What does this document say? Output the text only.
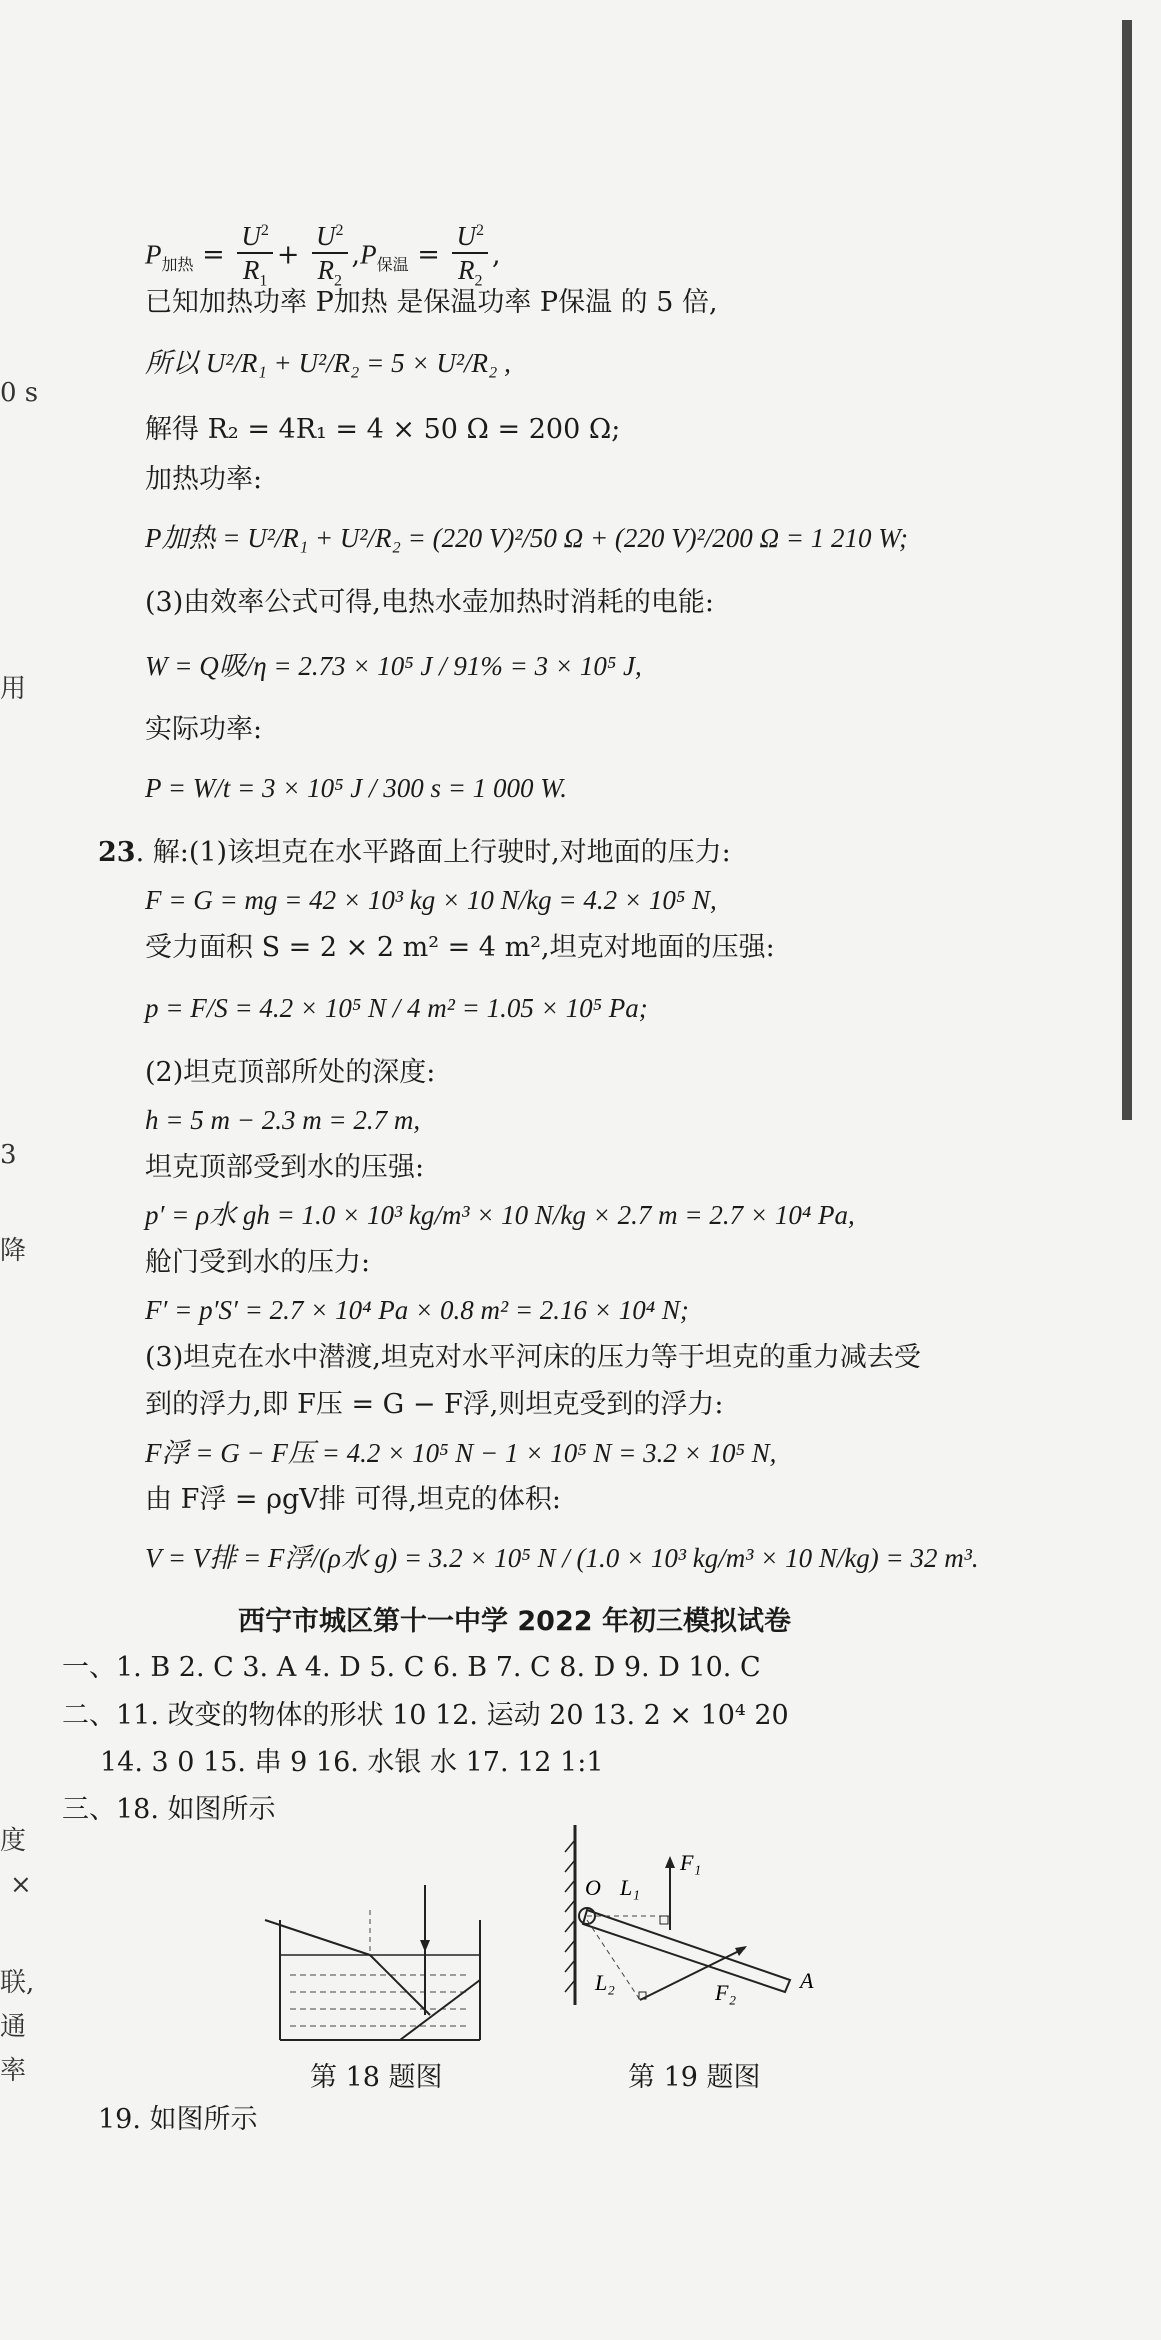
0 s
用
3
降
度
×
联,
通
率
$P_{加热} = \frac{U^2}{R_1} + \frac{U^2}{R_2} ,P_{保温} = \frac{U^2}{R_2}$ ,
已知加热功率 P加热 是保温功率 P保温 的 5 倍,
所以 U²/R₁ + U²/R₂ = 5 × U²/R₂ ,
解得 R₂ = 4R₁ = 4 × 50 Ω = 200 Ω;
加热功率:
P加热 = U²/R₁ + U²/R₂ = (220 V)²/50 Ω + (220 V)²/200 Ω = 1 210 W;
(3)由效率公式可得,电热水壶加热时消耗的电能:
W = Q吸/η = 2.73 × 10⁵ J / 91% = 3 × 10⁵ J,
实际功率:
P = W/t = 3 × 10⁵ J / 300 s = 1 000 W.
23. 解:(1)该坦克在水平路面上行驶时,对地面的压力:
F = G = mg = 42 × 10³ kg × 10 N/kg = 4.2 × 10⁵ N,
受力面积 S = 2 × 2 m² = 4 m²,坦克对地面的压强:
p = F/S = 4.2 × 10⁵ N / 4 m² = 1.05 × 10⁵ Pa;
(2)坦克顶部所处的深度:
h = 5 m − 2.3 m = 2.7 m,
坦克顶部受到水的压强:
p′ = ρ水 gh = 1.0 × 10³ kg/m³ × 10 N/kg × 2.7 m = 2.7 × 10⁴ Pa,
舱门受到水的压力:
F′ = p′S′ = 2.7 × 10⁴ Pa × 0.8 m² = 2.16 × 10⁴ N;
(3)坦克在水中潜渡,坦克对水平河床的压力等于坦克的重力减去受
到的浮力,即 F压 = G − F浮,则坦克受到的浮力:
F浮 = G − F压 = 4.2 × 10⁵ N − 1 × 10⁵ N = 3.2 × 10⁵ N,
由 F浮 = ρgV排 可得,坦克的体积:
V = V排 = F浮/(ρ水 g) = 3.2 × 10⁵ N / (1.0 × 10³ kg/m³ × 10 N/kg) = 32 m³.
西宁市城区第十一中学 2022 年初三模拟试卷
一、1. B 2. C 3. A 4. D 5. C 6. B 7. C 8. D 9. D 10. C
二、11. 改变的物体的形状 10 12. 运动 20 13. 2 × 10⁴ 20
14. 3 0 15. 串 9 16. 水银 水 17. 12 1:1
三、18. 如图所示
第 18 题图
O L₁
F₁
A
L₂	F₂
第 19 题图
19. 如图所示
